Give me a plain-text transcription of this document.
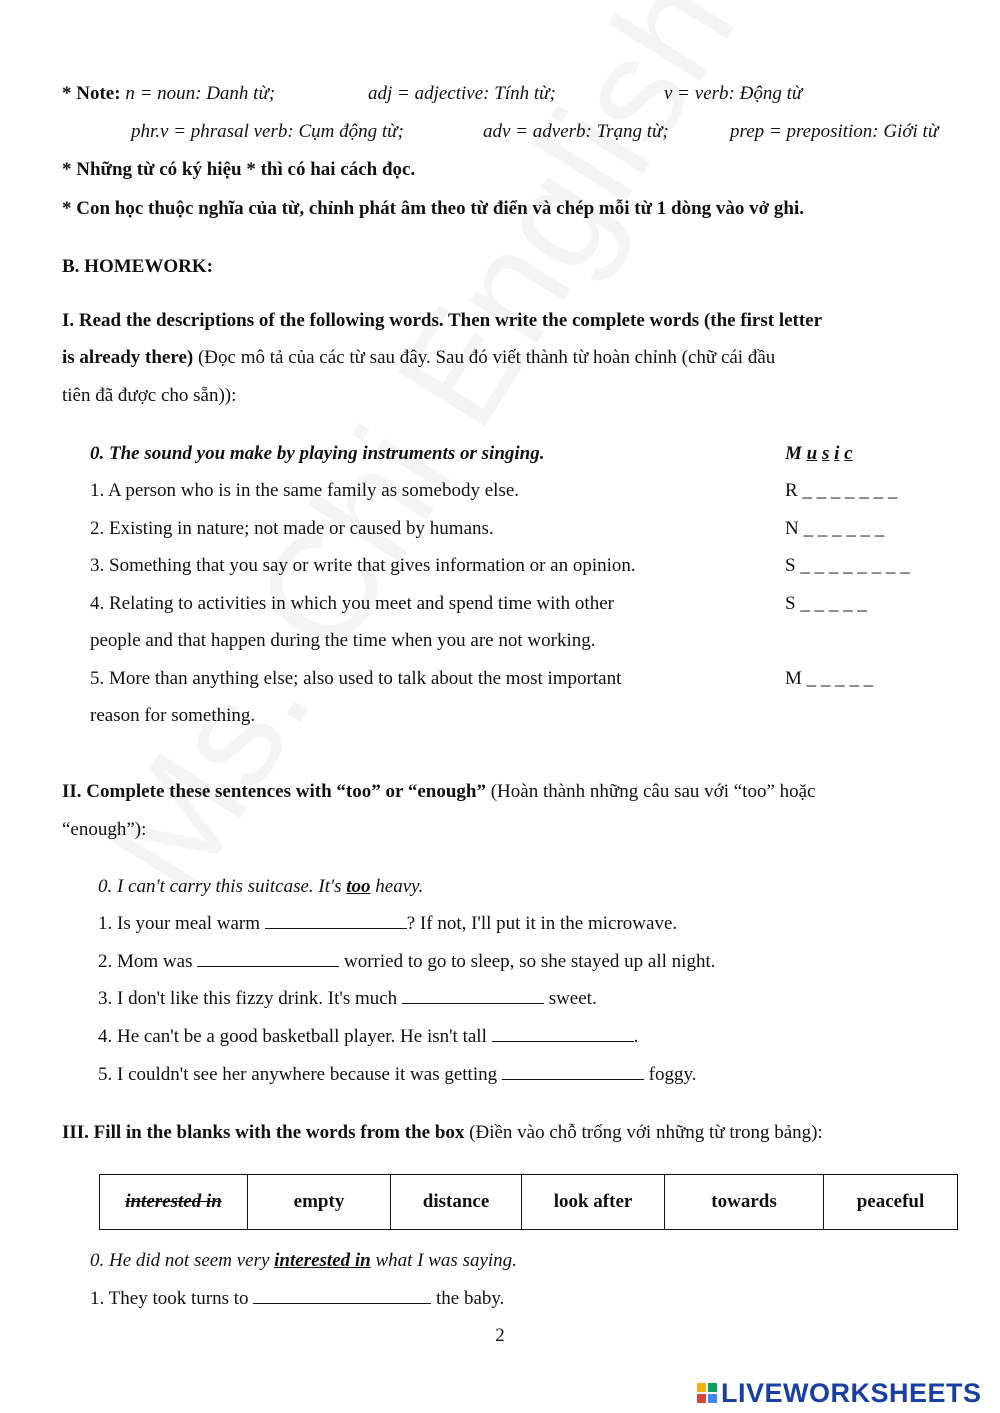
* Note: n = noun: Danh từ;	adj = adjective: Tính từ;	v = verb: Động từ
phr.v = phrasal verb: Cụm động từ;	adv = adverb: Trạng từ;	prep = preposition: Giới từ
* Những từ có ký hiệu * thì có hai cách đọc.
* Con học thuộc nghĩa của từ, chỉnh phát âm theo từ điển và chép mỗi từ 1 dòng vào vở ghi.
B. HOMEWORK:
I. Read the descriptions of the following words. Then write the complete words (the first letter
is already there) (Đọc mô tả của các từ sau đây. Sau đó viết thành từ hoàn chỉnh (chữ cái đầu
tiên đã được cho sẵn)):
0. The sound you make by playing instruments or singing.	M u s i c
1. A person who is in the same family as somebody else.	R _ _ _ _ _ _ _
2. Existing in nature; not made or caused by humans.	N _ _ _ _ _ _
3. Something that you say or write that gives information or an opinion.	S _ _ _ _ _ _ _ _
4. Relating to activities in which you meet and spend time with other	S _ _ _ _ _
people and that happen during the time when you are not working.
5. More than anything else; also used to talk about the most important	M _ _ _ _ _
reason for something.
II. Complete these sentences with “too” or “enough” (Hoàn thành những câu sau với “too” hoặc
“enough”):
0. I can't carry this suitcase. It's too heavy.
1. Is your meal warm	? If not, I'll put it in the microwave.
2. Mom was	worried to go to sleep, so she stayed up all night.
3. I don't like this fizzy drink. It's much	sweet.
4. He can't be a good basketball player. He isn't tall	.
5. I couldn't see her anywhere because it was getting	foggy.
III. Fill in the blanks with the words from the box (Điền vào chỗ trống với những từ trong bảng):
interested in	empty	distance	look after	towards	peaceful
0. He did not seem very interested in what I was saying.
1. They took turns to	the baby.
2
LIVEWORKSHEETS
